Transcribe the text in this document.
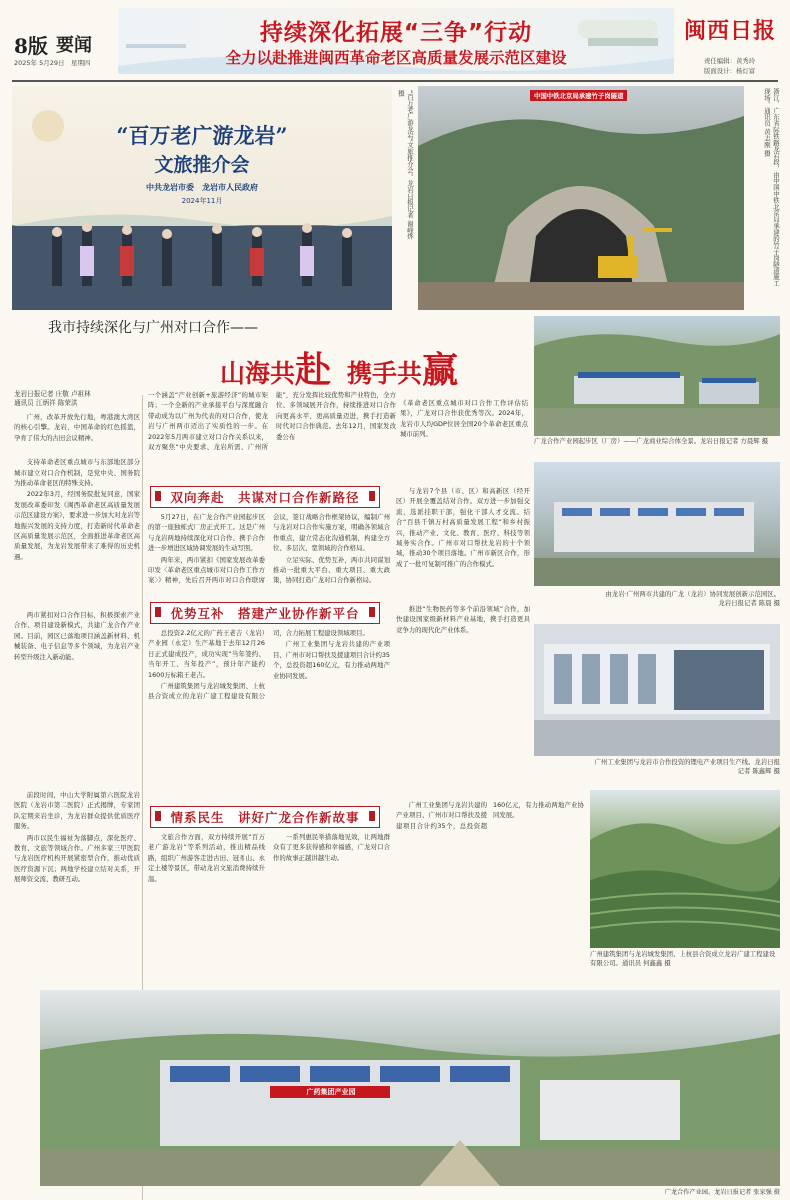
8版 要闻
2025年 5月29日　星期四
持续深化拓展“三争”行动
全力以赴推进闽西革命老区高质量发展示范区建设
闽西日报
责任编辑：黄秀玲
版面设计：杨灯富
“百万老广游龙岩”
文旅推介会
中共龙岩市委　龙岩市人民政府
2024年11月	“百万老广游龙岩”文旅推介会。龙岩日报记者 谢峰烨 摄	中国中铁北京局承建竹子岗隧道	浙江、广东省际铁路龙岩段，由中国中铁北京局承建的竹子岗隧道施工现场。通讯员 黄志刚 摄
我市持续深化与广州对口合作——
山海共赴 携手共赢
广龙合作产业园起步区（厂房）——广龙商业综合体全景。龙岩日报记者 方晨辉 摄
龙岩日报记者 庄敬 卢祖林
通讯员 江炳祥 陈荣洪

广州，改革开放先行地，粤港澳大湾区的核心引擎。龙岩，中国革命的红色摇篮，孕育了伟大的古田会议精神。

支持革命老区重点城市与东部地区部分城市建立对口合作机制，是党中央、国务院为推动革命老区的特殊支持。

2022年3月，经国务院批复同意，国家发展改革委印发《闽西革命老区高质量发展示范区建设方案》，要求进一步加大对龙岩等地振兴发展的支持力度，打造新时代革命老区高质量发展示范区，全面推进革命老区高质量发展，为龙岩发展带来了难得的历史机遇。

一个涵盖“产业创新+旅游经济”的城市矩阵；一个全新的产业承接平台与深度融合带动成为以广州为代表的对口合作，使龙岩与广州两市迈出了实质性的一步。在2022年5月两市建立对口合作关系以来，双方聚焦“中央要求、龙岩所需、广州所能”，充分发挥比较优势和产业特色，全方位、多领域展开合作，持续推进对口合作向更高水平、更高质量迈进，携手打造新时代对口合作典范。去年12月，国家发改委公布
《革命老区重点城市对口合作工作评估结果》，广龙对口合作获优秀等次。2024年，龙岩市人均GDP位居全国20个革命老区重点城市前列。
双向奔赴　共谋对口合作新路径

5月27日，在广龙合作产业园起步区的第一座独栋式厂房正式开工。这是广州与龙岩两地持续深化对口合作、携手合作进一步增进区域协调发展的生动写照。

两年来，两市紧扣《国家发展改革委印发〈革命老区重点城市对口合作工作方案〉》精神，先后召开两市对口合作联席会议，签订战略合作框架协议，编制广州与龙岩对口合作实施方案，明确各领域合作重点，建立常态化沟通机制，构建全方位、多层次、宽领域的合作格局。

立足实际、优势互补，两市共同谋划推动一批重大平台、重大项目、重大政策，协同打造广龙对口合作新格局。

与龙岩7个县（市、区）和高新区（经开区）开展全覆盖结对合作。双方进一步加强交流，选派挂职干部，强化干部人才交流。结合“百县千镇万村高质量发展工程”和乡村振兴，推动产业、文化、教育、医疗、科技等领域务实合作。广州市对口帮扶龙岩的十个领域，推动30个项目落地。广州市新区合作，形成了一批可复制可推广的合作模式。

两市紧扣对口合作目标，积极探索产业合作、项目建设新模式，共建广龙合作产业园。目前，园区已落地项目涵盖新材料、机械装备、电子信息等多个领域，为龙岩产业转型升级注入新动能。

由龙岩·广州两市共建的广龙（龙岩）协同发展创新示范园区。龙岩日报记者 陈晨 摄
优势互补　搭建产业协作新平台

总投资2.2亿元的广药王老吉（龙岩）产业园（永定）生产基地于去年12月26日正式建成投产，成功实现“当年签约、当年开工、当年投产”，预计年产能约1600万标箱王老吉。

广州建筑集团与龙岩城发集团、上杭县合资成立的龙岩广建工程建设有限公司，合力拓展工程建设领域项目。

广州工业集团与龙岩共建的产业项目、广州市对口帮扶及援建项目合计约35个，总投资超160亿元，有力推动两地产业协同发展。

推进“生物医药等多个前沿领域”合作，加快建设国家级新材料产业基地，携手打造更具竞争力的现代化产业体系。

广州工业集团与龙岩市合作投资的锂电产业项目生产线。龙岩日报记者 陈鑫辉 摄

前段时间，中山大学附属第六医院龙岩医院（龙岩市第二医院）正式揭牌，专家团队定期来岩坐诊，为龙岩群众提供优质医疗服务。

两市以民生福祉为落脚点，深化医疗、教育、文旅等领域合作。广州多家三甲医院与龙岩医疗机构开展紧密型合作，推动优质医疗资源下沉；两地学校建立结对关系，开展师资交流、教研互动。

情系民生　讲好广龙合作新故事

文旅合作方面，双方持续开展“百万老广游龙岩”等系列活动，推出精品线路，组织广州游客走进古田、冠豸山、永定土楼等景区，带动龙岩文旅消费持续升温。

一系列惠民举措落地见效，让两地群众有了更多获得感和幸福感，广龙对口合作的故事正越讲越生动。

广州工业集团与龙岩共建的产业项目、广州市对口帮扶及援建项目合计约35个，总投资超160亿元，有力推动两地产业协同发展。

广州建筑集团与龙岩城发集团、上杭县合资成立龙岩广建工程建设有限公司。通讯员 何鑫鑫 摄
广药集团产业园
广龙合作产业园。龙岩日报记者 张家强 摄
